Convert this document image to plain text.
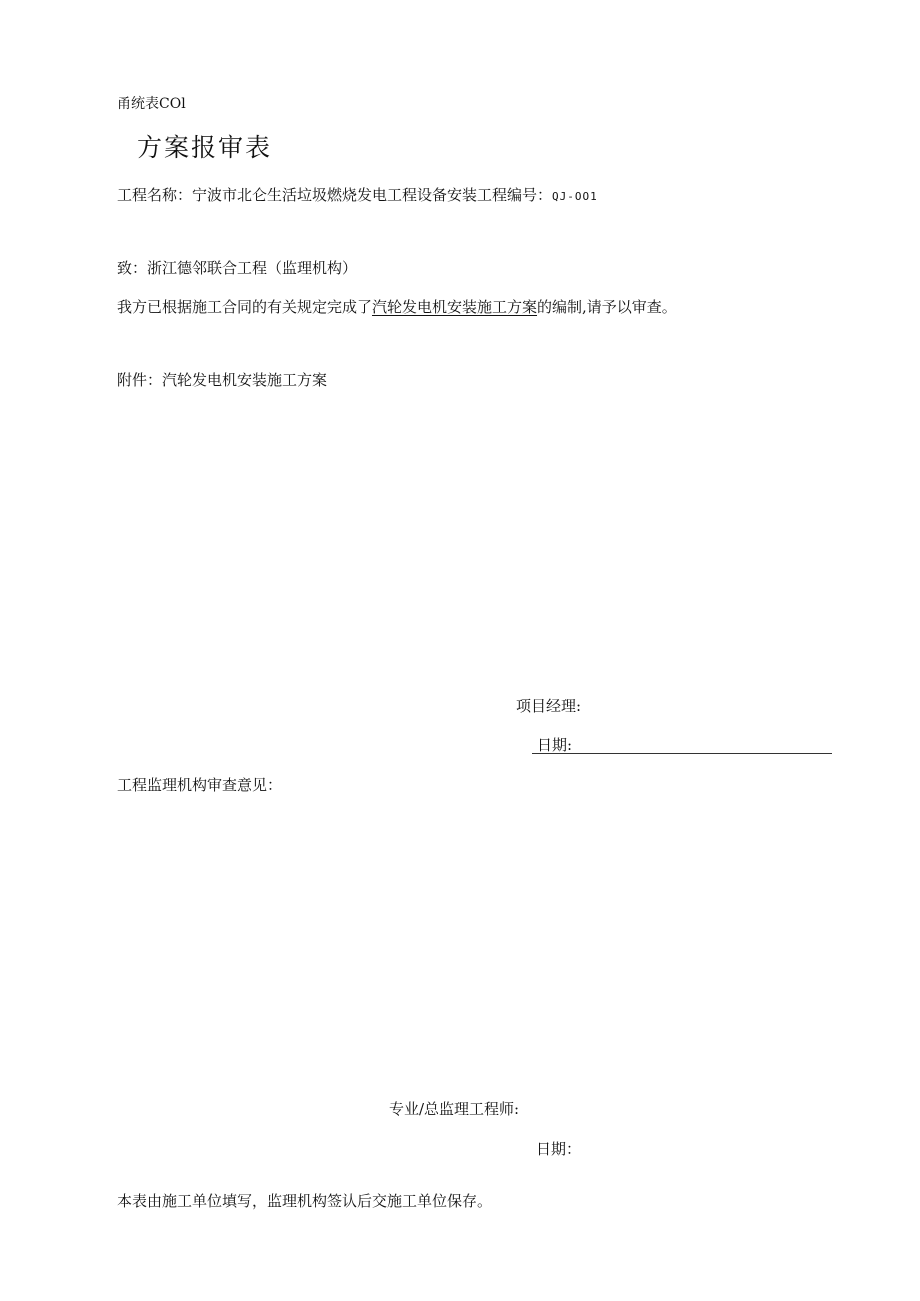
甬统表COl
方案报审表
工程名称：宁波市北仑生活垃圾燃烧发电工程设备安装工程编号：QJ-OO1
致：浙江德邻联合工程（监理机构）
我方已根据施工合同的有关规定完成了汽轮发电机安装施工方案的编制,请予以审查。
附件：汽轮发电机安装施工方案
项目经理:
日期:
工程监理机构审查意见：
专业/总监理工程师:
日期：
本表由施工单位填写，监理机构签认后交施工单位保存。
